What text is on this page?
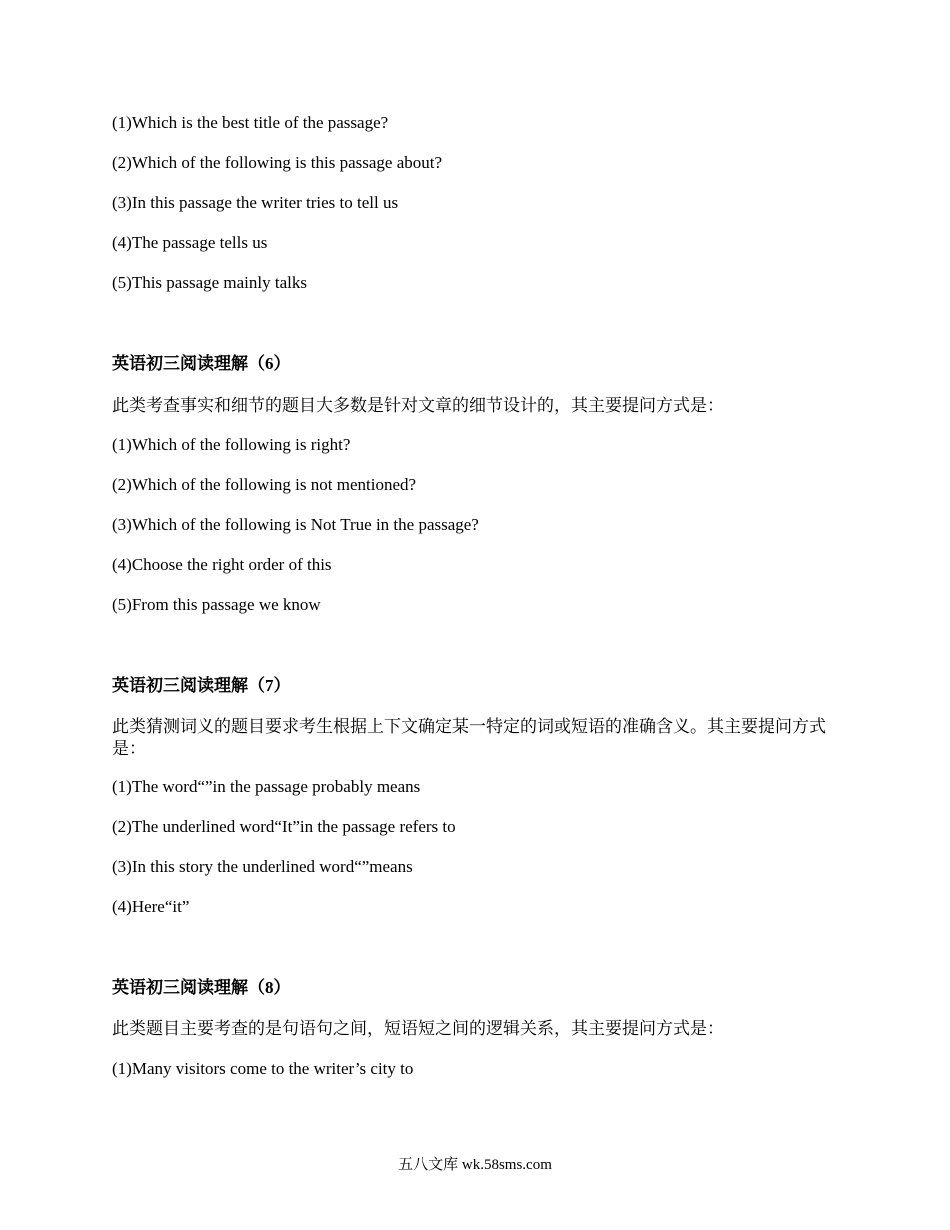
(1)Which is the best title of the passage?
(2)Which of the following is this passage about?
(3)In this passage the writer tries to tell us
(4)The passage tells us
(5)This passage mainly talks
英语初三阅读理解（6）
此类考查事实和细节的题目大多数是针对文章的细节设计的，其主要提问方式是：
(1)Which of the following is right?
(2)Which of the following is not mentioned?
(3)Which of the following is Not True in the passage?
(4)Choose the right order of this
(5)From this passage we know
英语初三阅读理解（7）
此类猜测词义的题目要求考生根据上下文确定某一特定的词或短语的准确含义。其主要提问方式是：
(1)The word“”in the passage probably means
(2)The underlined word“It”in the passage refers to
(3)In this story the underlined word“”means
(4)Here“it”
英语初三阅读理解（8）
此类题目主要考查的是句语句之间，短语短之间的逻辑关系，其主要提问方式是：
(1)Many visitors come to the writer’s city to
五八文库 wk.58sms.com
